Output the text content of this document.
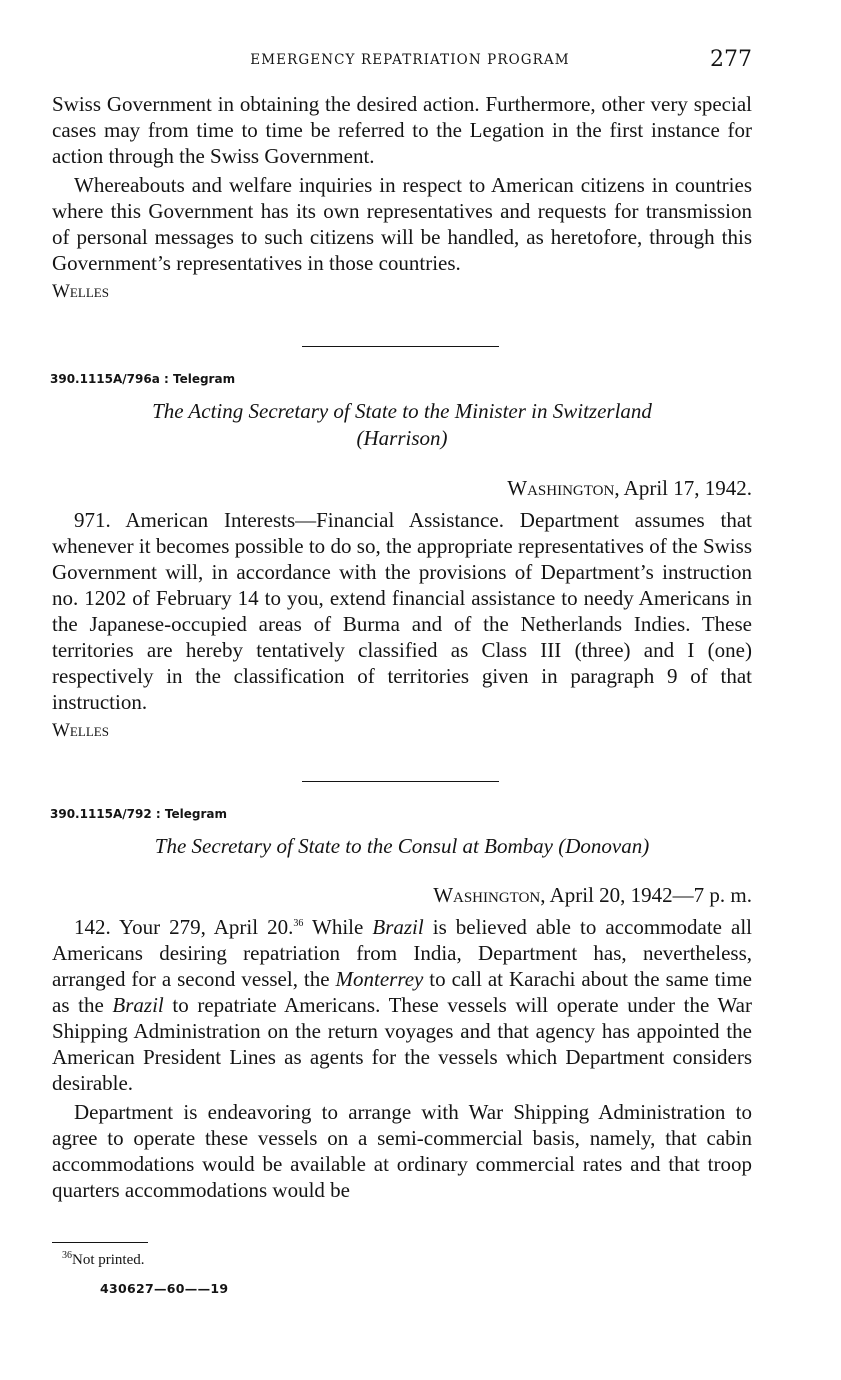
EMERGENCY REPATRIATION PROGRAM	277

Swiss Government in obtaining the desired action. Furthermore, other very special cases may from time to time be referred to the Legation in the first instance for action through the Swiss Government.

Whereabouts and welfare inquiries in respect to American citizens in countries where this Government has its own representatives and requests for transmission of personal messages to such citizens will be handled, as heretofore, through this Government’s representatives in those countries.

Welles

390.1115A/796a : Telegram
The Acting Secretary of State to the Minister in Switzerland
(Harrison)
Washington, April 17, 1942.

971. American Interests—Financial Assistance. Department assumes that whenever it becomes possible to do so, the appropriate representatives of the Swiss Government will, in accordance with the provisions of Department’s instruction no. 1202 of February 14 to you, extend financial assistance to needy Americans in the Japanese-occupied areas of Burma and of the Netherlands Indies. These territories are hereby tentatively classified as Class III (three) and I (one) respectively in the classification of territories given in paragraph 9 of that instruction.

Welles

390.1115A/792 : Telegram
The Secretary of State to the Consul at Bombay (Donovan)
Washington, April 20, 1942—7 p. m.

142. Your 279, April 20.36 While Brazil is believed able to accommodate all Americans desiring repatriation from India, Department has, nevertheless, arranged for a second vessel, the Monterrey to call at Karachi about the same time as the Brazil to repatriate Americans. These vessels will operate under the War Shipping Administration on the return voyages and that agency has appointed the American President Lines as agents for the vessels which Department considers desirable.

Department is endeavoring to arrange with War Shipping Administration to agree to operate these vessels on a semi-commercial basis, namely, that cabin accommodations would be available at ordinary commercial rates and that troop quarters accommodations would be

$^{36}$Not printed.
430627—60——19
